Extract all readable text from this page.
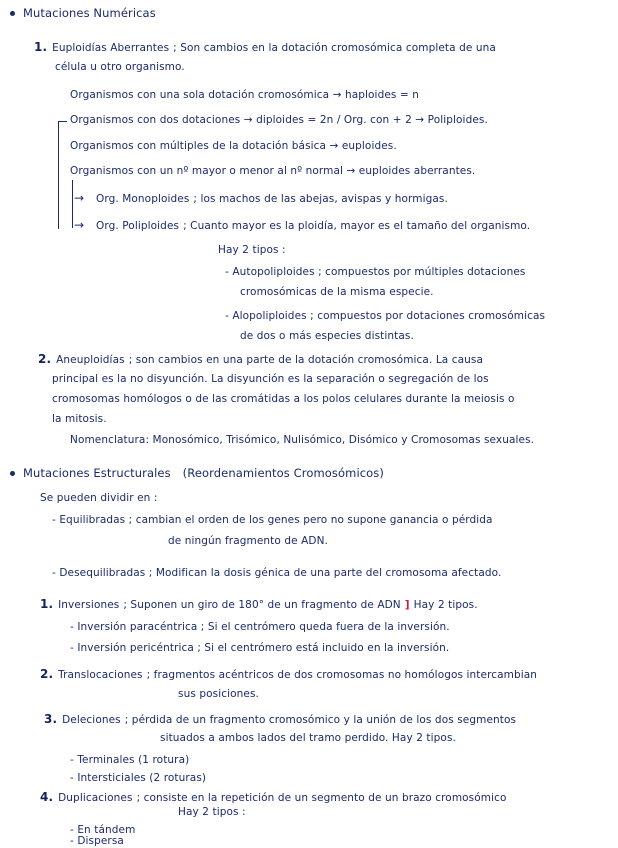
Mutaciones Numéricas
1. Euploidías Aberrantes ; Son cambios en la dotación cromosómica completa de una
célula u otro organismo.
Organismos con una sola dotación cromosómica → haploides = n
Organismos con dos dotaciones → diploides = 2n / Org. con + 2 → Poliploides.
Organismos con múltiples de la dotación básica → euploides.
Organismos con un nº mayor o menor al nº normal → euploides aberrantes.
→
→
Org. Monoploides ; los machos de las abejas, avispas y hormigas.
Org. Poliploides ; Cuanto mayor es la ploidía, mayor es el tamaño del organismo.
Hay 2 tipos :
- Autopoliploides ; compuestos por múltiples dotaciones
cromosómicas de la misma especie.
- Alopoliploides ; compuestos por dotaciones cromosómicas
de dos o más especies distintas.
2. Aneuploidías ; son cambios en una parte de la dotación cromosómica. La causa
principal es la no disyunción. La disyunción es la separación o segregación de los
cromosomas homólogos o de las cromátidas a los polos celulares durante la meiosis o
la mitosis.
Nomenclatura: Monosómico, Trisómico, Nulisómico, Disómico y Cromosomas sexuales.
Mutaciones Estructurales (Reordenamientos Cromosómicos)
Se pueden dividir en :
- Equilibradas ; cambian el orden de los genes pero no supone ganancia o pérdida
de ningún fragmento de ADN.
- Desequilibradas ; Modifican la dosis génica de una parte del cromosoma afectado.
1. Inversiones ; Suponen un giro de 180° de un fragmento de ADN ] Hay 2 tipos.
- Inversión paracéntrica ; Si el centrómero queda fuera de la inversión.
- Inversión pericéntrica ; Si el centrómero está incluido en la inversión.
2. Translocaciones ; fragmentos acéntricos de dos cromosomas no homólogos intercambian
sus posiciones.
3. Deleciones ; pérdida de un fragmento cromosómico y la unión de los dos segmentos
situados a ambos lados del tramo perdido. Hay 2 tipos.
- Terminales (1 rotura)
- Intersticiales (2 roturas)
4. Duplicaciones ; consiste en la repetición de un segmento de un brazo cromosómico
Hay 2 tipos :
- En tándem
- Dispersa
